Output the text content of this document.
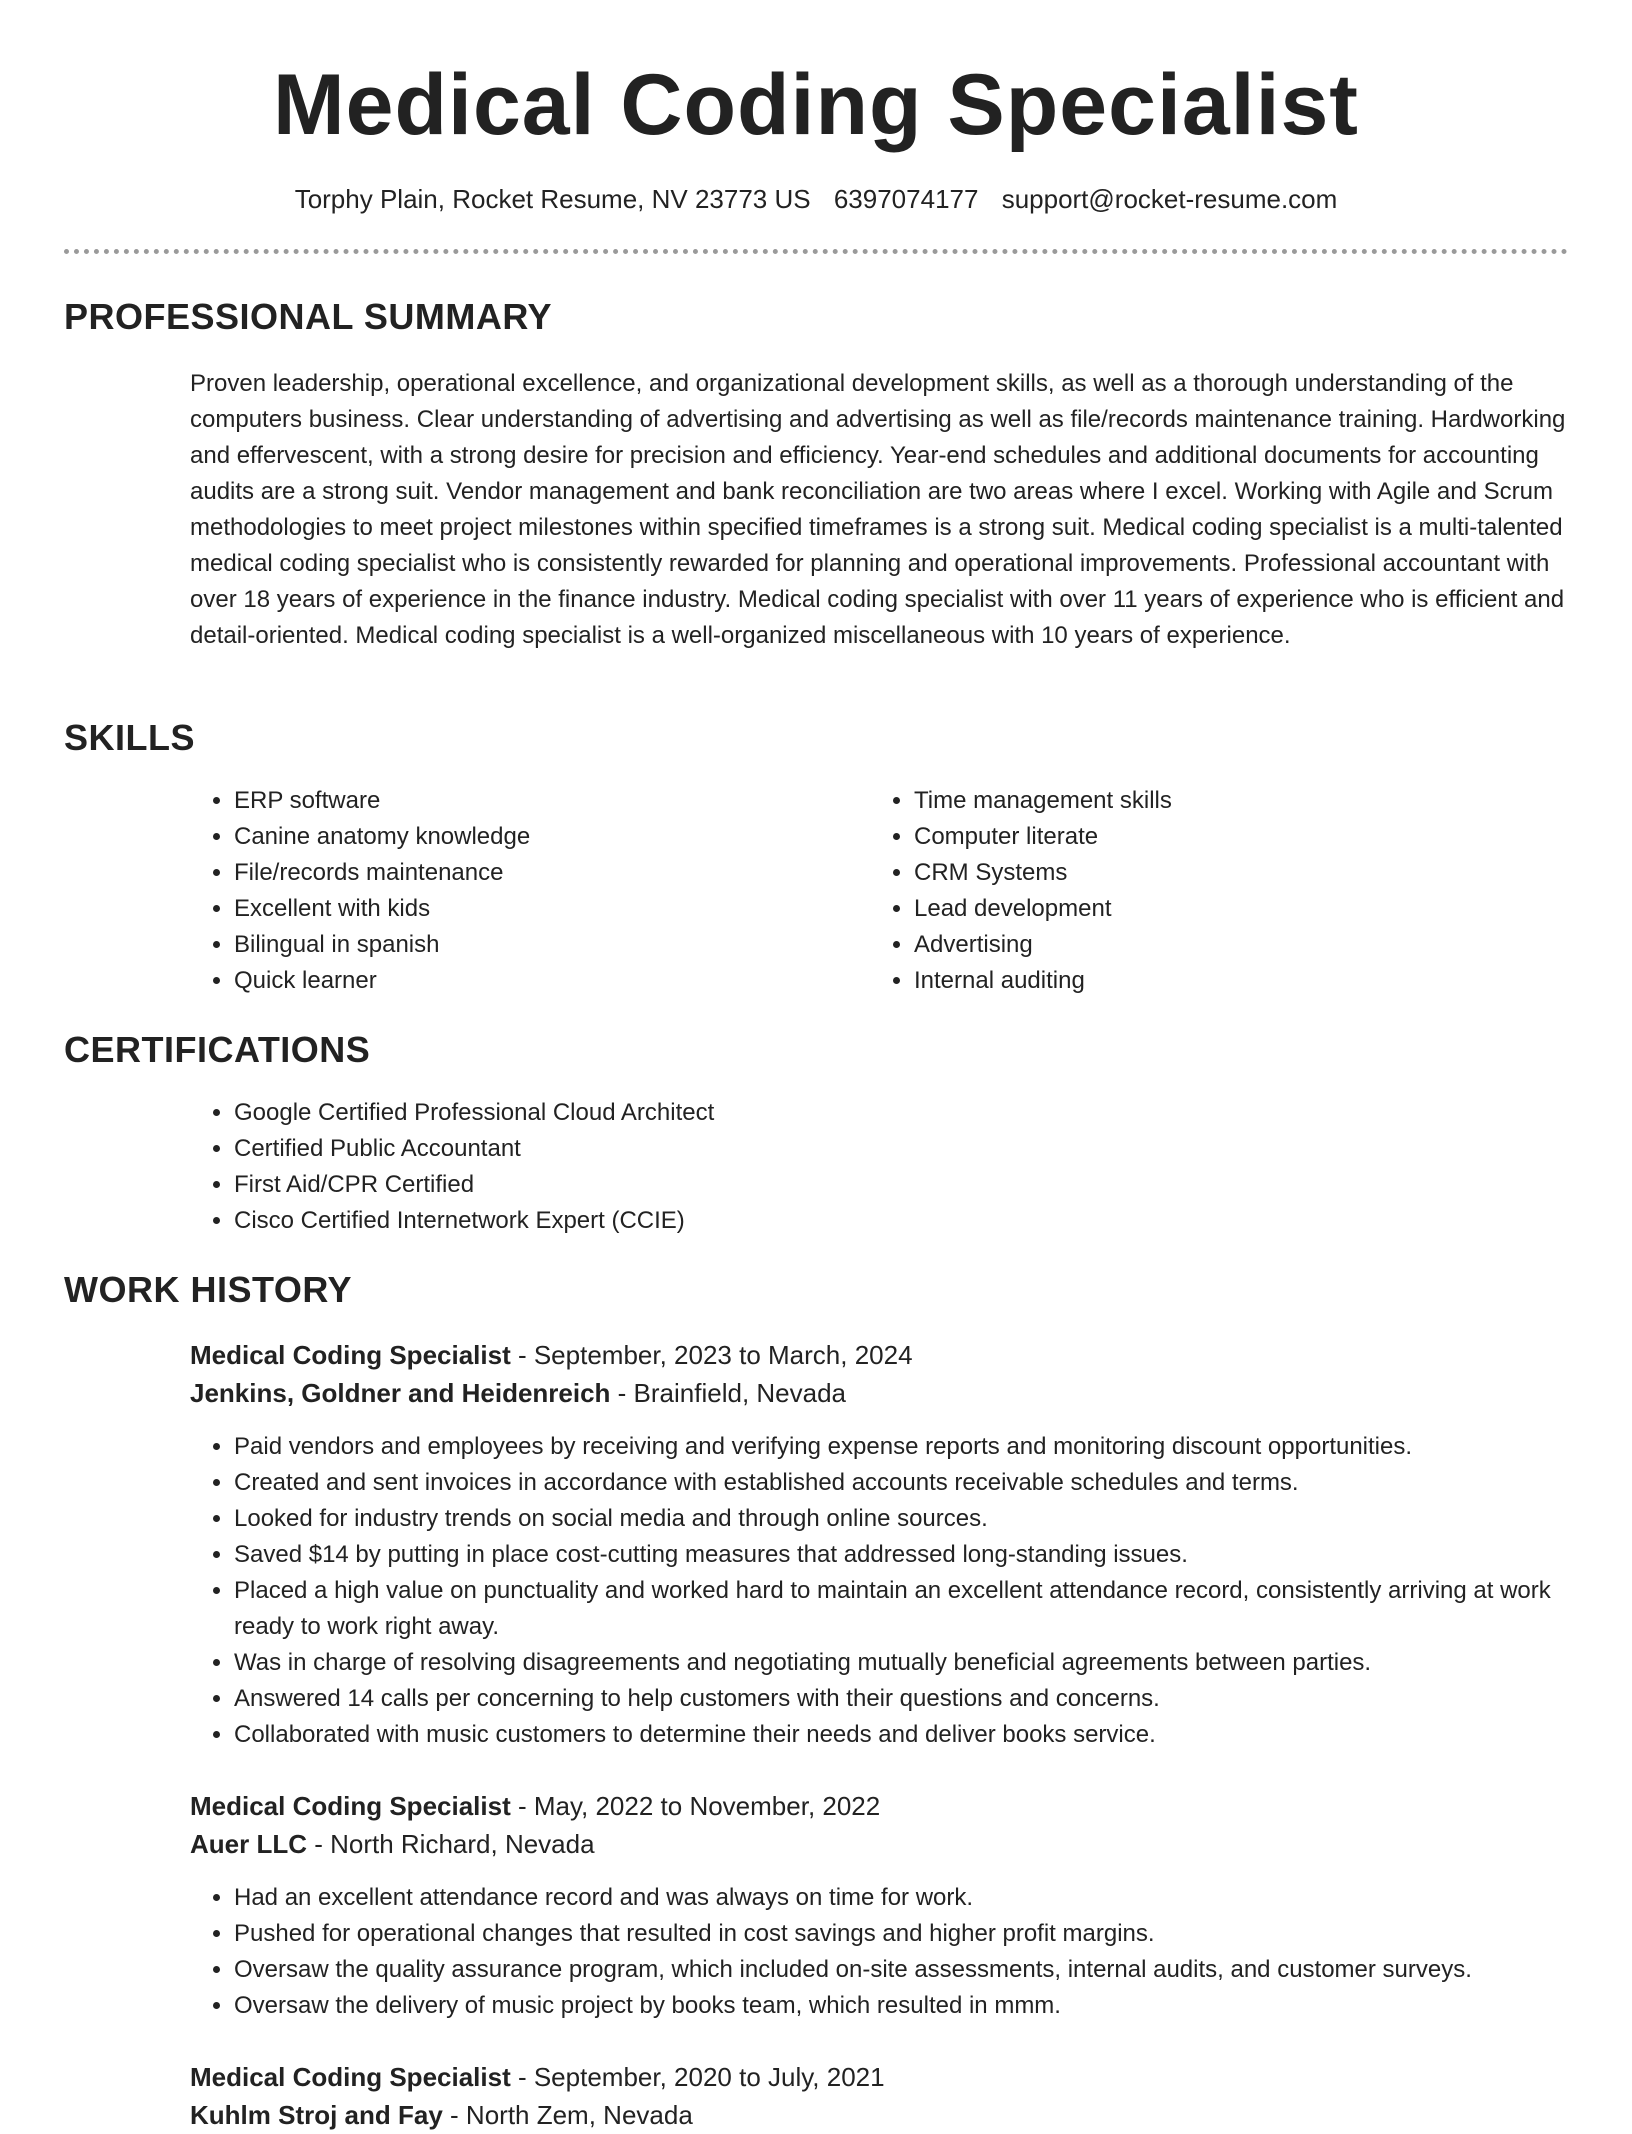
Medical Coding Specialist
Torphy Plain, Rocket Resume, NV 23773 US 6397074177 support@rocket-resume.com
PROFESSIONAL SUMMARY

Proven leadership, operational excellence, and organizational development skills, as well as a thorough understanding of the computers business. Clear understanding of advertising and advertising as well as file/records maintenance training. Hardworking and effervescent, with a strong desire for precision and efficiency. Year-end schedules and additional documents for accounting audits are a strong suit. Vendor management and bank reconciliation are two areas where I excel. Working with Agile and Scrum methodologies to meet project milestones within specified timeframes is a strong suit. Medical coding specialist is a multi-talented medical coding specialist who is consistently rewarded for planning and operational improvements. Professional accountant with over 18 years of experience in the finance industry. Medical coding specialist with over 11 years of experience who is efficient and detail-oriented. Medical coding specialist is a well-organized miscellaneous with 10 years of experience.

SKILLS
• ERP software
• Canine anatomy knowledge
• File/records maintenance
• Excellent with kids
• Bilingual in spanish
• Quick learner
• Time management skills
• Computer literate
• CRM Systems
• Lead development
• Advertising
• Internal auditing
CERTIFICATIONS
• Google Certified Professional Cloud Architect
• Certified Public Accountant
• First Aid/CPR Certified
• Cisco Certified Internetwork Expert (CCIE)
WORK HISTORY

Medical Coding Specialist - September, 2023 to March, 2024

Jenkins, Goldner and Heidenreich - Brainfield, Nevada

• Paid vendors and employees by receiving and verifying expense reports and monitoring discount opportunities.
• Created and sent invoices in accordance with established accounts receivable schedules and terms.
• Looked for industry trends on social media and through online sources.
• Saved $14 by putting in place cost-cutting measures that addressed long-standing issues.
• Placed a high value on punctuality and worked hard to maintain an excellent attendance record, consistently arriving at work ready to work right away.
• Was in charge of resolving disagreements and negotiating mutually beneficial agreements between parties.
• Answered 14 calls per concerning to help customers with their questions and concerns.
• Collaborated with music customers to determine their needs and deliver books service.

Medical Coding Specialist - May, 2022 to November, 2022

Auer LLC - North Richard, Nevada

• Had an excellent attendance record and was always on time for work.
• Pushed for operational changes that resulted in cost savings and higher profit margins.
• Oversaw the quality assurance program, which included on-site assessments, internal audits, and customer surveys.
• Oversaw the delivery of music project by books team, which resulted in mmm.

Medical Coding Specialist - September, 2020 to July, 2021

Kuhlm Stroj and Fay - North Zem, Nevada
